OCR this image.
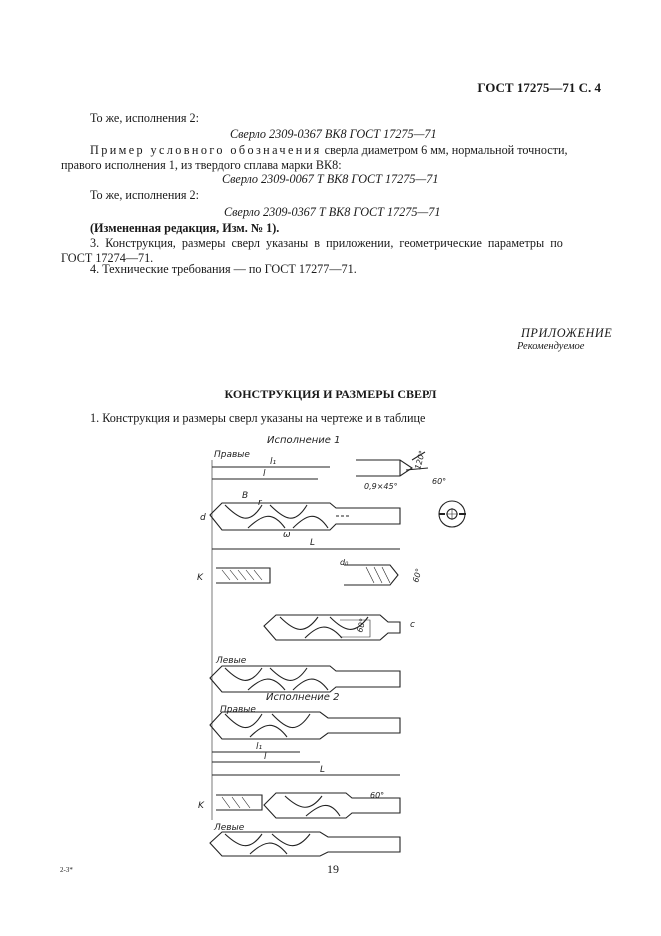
ГОСТ 17275—71 С. 4
То же, исполнения 2:
Сверло 2309-0367 ВК8 ГОСТ 17275—71
Пример условного обозначения сверла диаметром 6 мм, нормальной точности,
правого исполнения 1, из твердого сплава марки ВК8:
Сверло 2309-0067 Т ВК8 ГОСТ 17275—71
То же, исполнения 2:
Сверло 2309-0367 Т ВК8 ГОСТ 17275—71
(Измененная редакция, Изм. № 1).
3. Конструкция, размеры сверл указаны в приложении, геометрические параметры по
ГОСТ 17274—71.
4. Технические требования — по ГОСТ 17277—71.
ПРИЛОЖЕНИЕ
Рекомендуемое
КОНСТРУКЦИЯ И РАЗМЕРЫ СВЕРЛ
1. Конструкция и размеры сверл указаны на чертеже и в таблице
Исполнение 1
Правые
l₁
l
d
B
r
ω
L
0,9×45°
120°
60°
K
d₀
60°
60°	c
Левые
Исполнение 2
Правые
l₁
l
L
K
60°
Левые
19
2-3*
